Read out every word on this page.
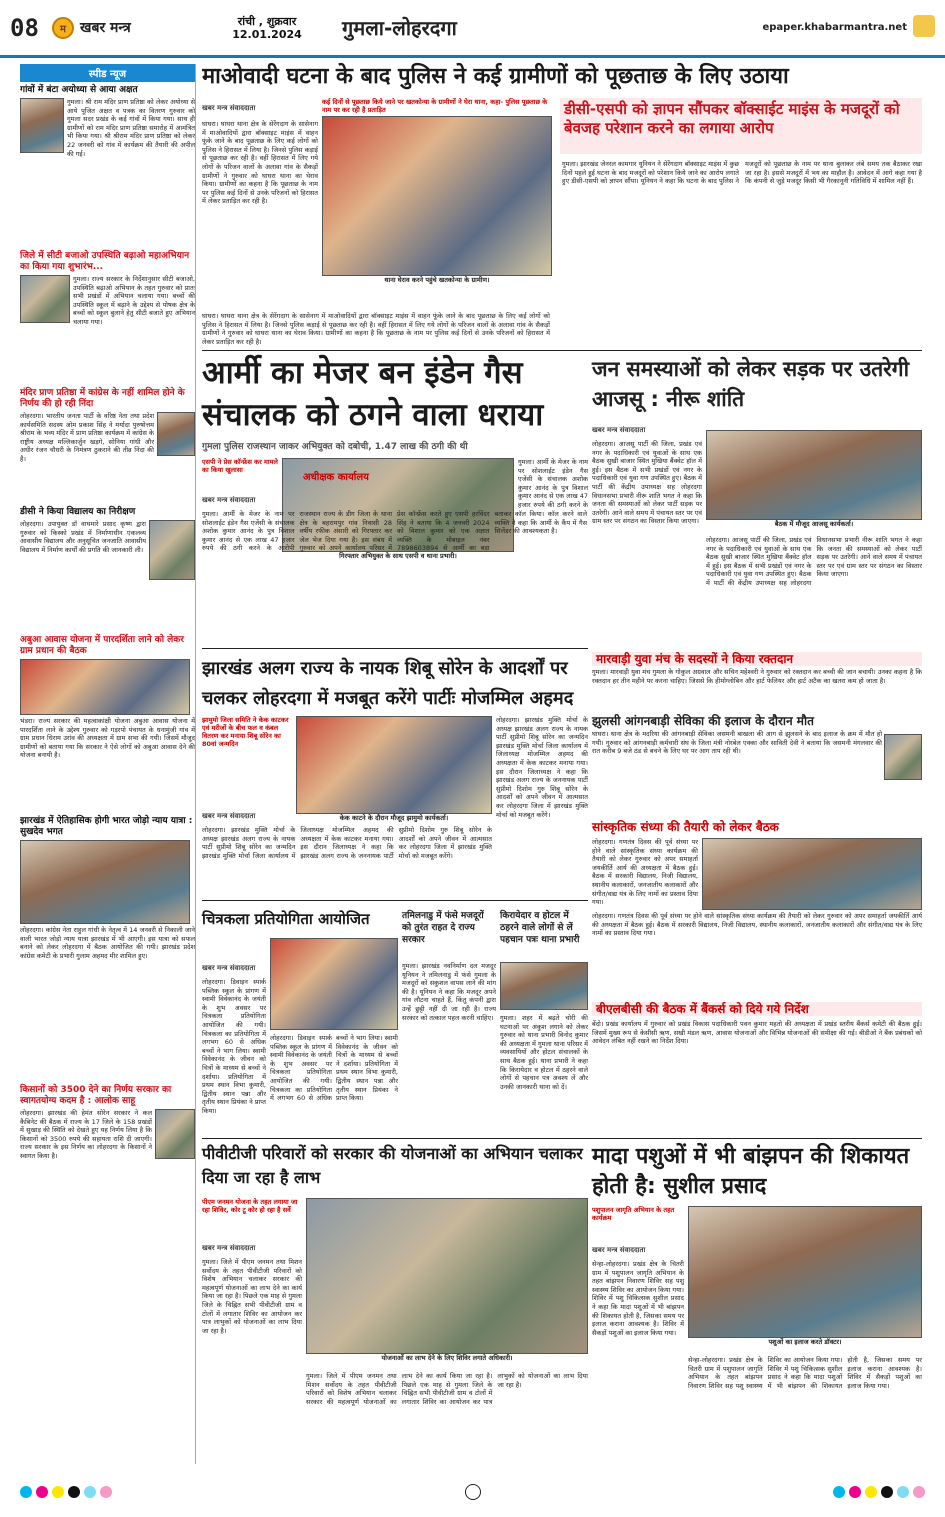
08	म	खबर मन्त्र	रांची , शुक्रवार
12.01.2024	गुमला-लोहरदगा	epaper.khabarmantra.net
स्पीड न्यूज
गांवों में बंटा अयोध्या से आया अक्षत
गुमला। श्री राम मंदिर प्राण प्रतिष्ठा को लेकर अयोध्या से आये पूजित अक्षत व पत्रक का वितरण गुरुवार को गुमला सदर प्रखंड के कई गांवों में किया गया। साथ ही ग्रामीणों को राम मंदिर प्राण प्रतिष्ठा समारोह में आमंत्रित भी किया गया। श्री श्रीराम मंदिर प्राण प्रतिष्ठा को लेकर 22 जनवरी को गांव में कार्यक्रम की तैयारी की अपील की गई।
जिले में सीटी बजाओ उपस्थिति बढ़ाओ महाअभियान का किया गया शुभारंभ...
गुमला। राज्य सरकार के निर्देशानुसार सीटी बजाओ, उपस्थिति बढ़ाओ अभियान के तहत गुरुवार को प्रातः सभी प्रखंडों में अभियान चलाया गया। बच्चों की उपस्थिति स्कूल में बढ़ाने के उद्देश्य से पोषक क्षेत्र के बच्चों को स्कूल बुलाने हेतु सीटी बजाते हुए अभियान चलाया गया।
मंदिर प्राण प्रतिष्ठा में कांग्रेस के नहीं शामिल होने के निर्णय की हो रही निंदा
लोहरदगा। भारतीय जनता पार्टी के वरिष्ठ नेता तथा प्रदेश कार्यसमिति सदस्य ओम प्रकाश सिंह ने मर्यादा पुरुषोत्तम श्रीराम के भव्य मंदिर में प्राण प्रतिष्ठा कार्यक्रम में कांग्रेस के राष्ट्रीय अध्यक्ष मल्लिकार्जुन खड़गे, सोनिया गांधी और अधीर रंजन चौधरी के निमंत्रण ठुकराने की तीव्र निंदा की है।
डीसी ने किया विद्यालय का निरीक्षण
लोहरदगा। उपायुक्त डॉ वाघमारे प्रसाद कृष्ण द्वारा गुरुवार को किस्को प्रखंड में निर्माणाधीन एकलव्य आवासीय विद्यालय और अनुसूचित जनजाति आवासीय विद्यालय में निर्माण कार्यों की प्रगति की जानकारी ली।
अबुआ आवास योजना में पारदर्शिता लाने को लेकर ग्राम प्रधान की बैठक
भंडरा। राज्य सरकार की महत्वाकांक्षी योजना अबुआ आवास योजना में पारदर्शिता लाने के उद्देश्य गुरुवार को गड़रपो पंचायत के धनामुंजी गांव में ग्राम प्रधान धिराम उरांव की अध्यक्षता में ग्राम सभा की गयी। जिसमें मौजूद ग्रामीणों को बताया गया कि सरकार ने ऐसे लोगों को अबुआ आवास देने की योजना बनायी है।
झारखंड में ऐतिहासिक होगी भारत जोड़ो न्याय यात्रा : सुखदेव भगत
लोहरदगा। कांग्रेस नेता राहुल गांधी के नेतृत्व में 14 जनवरी से निकाली जाने वाली भारत जोड़ो न्याय यात्रा झारखंड में भी आएगी। इस यात्रा को सफल बनाने को लेकर लोहरदगा में बैठक आयोजित की गयी। झारखंड प्रदेश कांग्रेस कमेटी के प्रभारी गुलाम अहमद मीर शामिल हुए।
किसानों को 3500 देने का निर्णय सरकार का स्वागतयोग्य कदम है : आलोक साहू
लोहरदगा। झारखंड की हेमंत सोरेन सरकार ने कल कैबिनेट की बैठक में राज्य के 17 जिले के 158 प्रखंडों में सुखाड़ की स्थिति को देखते हुए यह निर्णय लिया है कि किसानों को 3500 रुपये की सहायता राशि दी जाएगी। राज्य सरकार के इस निर्णय का लोहरदगा के किसानों ने स्वागत किया है।
माओवादी घटना के बाद पुलिस ने कई ग्रामीणों को पूछताछ के लिए उठाया
खबर मन्त्र संवाददाता
घाघरा। घाघरा थाना क्षेत्र के सेरेंगदाग के सासेनाग में माओवादियों द्वारा बॉक्साइट माइंस में वाहन फूंके जाने के बाद पूछताछ के लिए कई लोगों को पुलिस ने हिरासत में लिया है। जिनसे पुलिस कड़ाई से पूछताछ कर रही है। वहीं हिरासत में लिए गये लोगों के परिजन वालों के अलावा गांव के सैकड़ों ग्रामीणों ने गुरुवार को घाघरा थाना का घेराव किया। ग्रामीणों का कहना है कि पूछताछ के नाम पर पुलिस कई दिनों से उनके परिजनों को हिरासत में लेकर प्रताड़ित कर रही है।
कई दिनों से पूछताछ किये जाने पर खतकोन्या के ग्रामीणों ने घेरा थाना, कहा- पुलिस पूछताछ के नाम पर कर रही है प्रताड़ित
थाना घेराव करने पहुंचे खतकोन्या के ग्रामीण।
घाघरा। घाघरा थाना क्षेत्र के सेरेंगदाग के सासेनाग में माओवादियों द्वारा बॉक्साइट माइंस में वाहन फूंके जाने के बाद पूछताछ के लिए कई लोगों को पुलिस ने हिरासत में लिया है। जिनसे पुलिस कड़ाई से पूछताछ कर रही है। वहीं हिरासत में लिए गये लोगों के परिजन वालों के अलावा गांव के सैकड़ों ग्रामीणों ने गुरुवार को घाघरा थाना का घेराव किया। ग्रामीणों का कहना है कि पूछताछ के नाम पर पुलिस कई दिनों से उनके परिजनों को हिरासत में लेकर प्रताड़ित कर रही है।
डीसी-एसपी को ज्ञापन सौंपकर बॉक्साईट माइंस के मजदूरों को बेवजह परेशान करने का लगाया आरोप
गुमला। झारखंड जेनरल कामगार यूनियन ने सेरेंगदाग बॉक्साइट माइंस में कुछ दिनों पहले हुई घटना के बाद मजदूरों को परेशान किये जाने का आरोप लगाते हुए डीसी-एसपी को ज्ञापन सौंपा। यूनियन ने कहा कि घटना के बाद पुलिस ने मजदूरों को पूछताछ के नाम पर थाना बुलाकर लंबे समय तक बैठाकर रखा जा रहा है। इससे मजदूरों में भय का माहौल है। आवेदन में आगे कहा गया है कि कंपनी से जुड़े मजदूर किसी भी गैरकानूनी गतिविधि में शामिल नहीं हैं।
आर्मी का मेजर बन इंडेन गैस संचालक को ठगने वाला धराया
गुमला पुलिस राजस्थान जाकर अभियुक्त को दबोची, 1.47 लाख की ठगी की थी
एसपी ने प्रेस कॉन्फ्रेंस कर मामले का किया खुलासा
खबर मन्त्र संवाददाता
अधीक्षक कार्यालय
गिरफ्तार अभियुक्त के साथ एसपी व थाना प्रभारी।
गुमला। आर्मी के मेजर के नाम पर सोशलाईट इंडेन गैस एजेंसी के संचालक अशोक कुमार आनंद के पुत्र विशाल कुमार आनंद से एक लाख 47 हजार रुपये की ठगी करने के आरोपी राजस्थान राज्य के डीग जिला के थाना क्षेत्र के बहरामपुर गांव निवासी 28 वर्षीय रफीक अंसारी को गिरफ्तार कर जेल भेज दिया गया है। इस संबंध में गुरुवार को अपने कार्यालय परिसर में प्रेस कॉन्फ्रेंस करते हुए एसपी हरविंदर सिंह ने बताया कि 4 जनवरी 2024 को विशाल कुमार को एक अज्ञात व्यक्ति के मोबाइल नंबर 7898603894 से आर्मी का बड़ा बताकर कॉल किया। कॉल करने वाले व्यक्ति ने कहा कि आर्मी के कैंप में गैस सिलेंडर की आवश्यकता है।
गुमला। आर्मी के मेजर के नाम पर सोशलाईट इंडेन गैस एजेंसी के संचालक अशोक कुमार आनंद के पुत्र विशाल कुमार आनंद से एक लाख 47 हजार रुपये की ठगी करने के
जन समस्याओं को लेकर सड़क पर उतरेगी आजसू : नीरू शांति
खबर मन्त्र संवाददाता
लोहरदगा। आजसू पार्टी की जिला, प्रखंड एवं नगर के पदाधिकारी एवं युवाओं के साथ एक बैठक सुखी बाजार स्थित मुखिया बैंक्वेट हॉल में हुई। इस बैठक में सभी प्रखंडों एवं नगर के पदाधिकारी एवं युवा गण उपस्थित हुए। बैठक में पार्टी की केंद्रीय उपाध्यक्ष सह लोहरदगा विधानसभा प्रभारी नीरू शांति भगत ने कहा कि जनता की समस्याओं को लेकर पार्टी सड़क पर उतरेगी। आने वाले समय में पंचायत स्तर पर एवं ग्राम स्तर पर संगठन का विस्तार किया जाएगा।	बैठक में मौजूद आजसू कार्यकर्ता।
लोहरदगा। आजसू पार्टी की जिला, प्रखंड एवं नगर के पदाधिकारी एवं युवाओं के साथ एक बैठक सुखी बाजार स्थित मुखिया बैंक्वेट हॉल में हुई। इस बैठक में सभी प्रखंडों एवं नगर के पदाधिकारी एवं युवा गण उपस्थित हुए। बैठक में पार्टी की केंद्रीय उपाध्यक्ष सह लोहरदगा विधानसभा प्रभारी नीरू शांति भगत ने कहा कि जनता की समस्याओं को लेकर पार्टी सड़क पर उतरेगी। आने वाले समय में पंचायत स्तर पर एवं ग्राम स्तर पर संगठन का विस्तार किया जाएगा।
मारवाड़ी युवा मंच के सदस्यों ने किया रक्तदान
गुमला। मारवाड़ी युवा मंच गुमला के गोकुल अग्रवाल और सचिन महेश्वरी ने गुरुवार को रक्तदान कर बच्ची की जान बचायी। उनका कहना है कि रक्तदान हर तीन महीने पर करना चाहिए। जिससे कि हीमोग्लोबिन और हार्ट फेलियर और हार्ट अटैक का खतरा कम हो जाता है।
झुलसी आंगनबाड़ी सेविका की इलाज के दौरान मौत
घाघरा। थाना क्षेत्र के मदरिया की आंगनबाड़ी सेविका जसमनी बाखला की आग से झुलसने के बाद इलाज के क्रम में मौत हो गयी। गुरुवार को आंगनबाड़ी कर्मचारी संघ के जिला मंत्री नोरबेल एक्का और साविती देवी ने बताया कि जसमनी मंगलवार की रात करीब 9 बजे ठंड से बचने के लिए घर पर आग ताप रही थी।
सांस्कृतिक संध्या की तैयारी को लेकर बैठक
लोहरदगा। गणतंत्र दिवस की पूर्व संध्या पर होने वाले सांस्कृतिक संध्या कार्यक्रम की तैयारी को लेकर गुरुवार को अपर समाहर्ता जयकीर्ति आर्य की अध्यक्षता में बैठक हुई। बैठक में सरकारी विद्यालय, निजी विद्यालय, स्थानीय कलाकारों, जनजातीय कलाकारों और संगीत/वाद्य यंत्र के लिए नामों का प्रस्ताव दिया गया।
लोहरदगा। गणतंत्र दिवस की पूर्व संध्या पर होने वाले सांस्कृतिक संध्या कार्यक्रम की तैयारी को लेकर गुरुवार को अपर समाहर्ता जयकीर्ति आर्य की अध्यक्षता में बैठक हुई। बैठक में सरकारी विद्यालय, निजी विद्यालय, स्थानीय कलाकारों, जनजातीय कलाकारों और संगीत/वाद्य यंत्र के लिए नामों का प्रस्ताव दिया गया।
बीएलबीसी की बैठक में बैंकर्स को दिये गये निर्देश
बेंदो। प्रखंड कार्यालय में गुरुवार को प्रखंड विकास पदाधिकारी पवन कुमार महतो की अध्यक्षता में प्रखंड स्तरीय बैंकर्स कमेटी की बैठक हुई। जिसमें मुख्य रूप से केसीसी ऋण, सखी मंडल ऋण, आवास योजनाओं और विभिन्न योजनाओं की समीक्षा की गई। बीडीओ ने बैंक प्रबंधकों को आवेदन लंबित नहीं रखने का निर्देश दिया।
झारखंड अलग राज्य के नायक शिबू सोरेन के आदर्शों पर चलकर लोहरदगा में मजबूत करेंगे पार्टीः मोजम्मिल अहमद
झामुमो जिला समिति ने केक काटकर एवं मरीजों के बीच फल व कंबल वितरण कर मनाया शिबू सोरेन का 80वां जन्मदिन
केक काटने के दौरान मौजूद झामुमो कार्यकर्ता।
खबर मन्त्र संवाददाता
लोहरदगा। झारखंड मुक्ति मोर्चा के अध्यक्ष झारखंड अलग राज्य के नायक पार्टी सुप्रीमो शिबू सोरेन का जन्मदिन झारखंड मुक्ति मोर्चा जिला कार्यालय में जिलाध्यक्ष मोजम्मिल अहमद की अध्यक्षता में केक काटकर मनाया गया। इस दौरान जिलाध्यक्ष ने कहा कि झारखंड अलग राज्य के जननायक पार्टी सुप्रीमो दिशोम गुरु शिबू सोरेन के आदर्शों को अपने जीवन में आत्मसात कर लोहरदगा जिला में झारखंड मुक्ति मोर्चा को मजबूत करेंगे।
लोहरदगा। झारखंड मुक्ति मोर्चा के अध्यक्ष झारखंड अलग राज्य के नायक पार्टी सुप्रीमो शिबू सोरेन का जन्मदिन झारखंड मुक्ति मोर्चा जिला कार्यालय में जिलाध्यक्ष मोजम्मिल अहमद की अध्यक्षता में केक काटकर मनाया गया। इस दौरान जिलाध्यक्ष ने कहा कि झारखंड अलग राज्य के जननायक पार्टी सुप्रीमो दिशोम गुरु शिबू सोरेन के आदर्शों को अपने जीवन में आत्मसात कर लोहरदगा जिला में झारखंड मुक्ति मोर्चा को मजबूत करेंगे।
चित्रकला प्रतियोगिता आयोजित
खबर मन्त्र संवाददाता
लोहरदगा। डिवाइन स्पार्क पब्लिक स्कूल के प्रांगण में स्वामी विवेकानंद के जयंती के शुभ अवसर पर चित्रकला प्रतियोगिता आयोजित की गयी। चित्रकला का प्रतियोगिता में लगभग 60 से अधिक बच्चों ने भाग लिया। स्वामी विवेकानंद के जीवन को चित्रों के माध्यम से बच्चों ने दर्शाया। प्रतियोगिता में प्रथम स्थान विभा कुमारी, द्वितीय स्थान पन्ना और तृतीय स्थान प्रियंका ने प्राप्त किया।
लोहरदगा। डिवाइन स्पार्क पब्लिक स्कूल के प्रांगण में स्वामी विवेकानंद के जयंती के शुभ अवसर पर चित्रकला प्रतियोगिता आयोजित की गयी। चित्रकला का प्रतियोगिता में लगभग 60 से अधिक बच्चों ने भाग लिया। स्वामी विवेकानंद के जीवन को चित्रों के माध्यम से बच्चों ने दर्शाया। प्रतियोगिता में प्रथम स्थान विभा कुमारी, द्वितीय स्थान पन्ना और तृतीय स्थान प्रियंका ने प्राप्त किया।
तमिलनाडु में फंसे मजदूरों को तुरंत राहत दे राज्य सरकार
गुमला। झारखंड नवनिर्माण दल मजदूर यूनियन ने तमिलनाडु में फंसे गुमला के मजदूरों को सकुशल वापस लाने की मांग की है। यूनियन ने कहा कि मजदूर अपने गांव लौटना चाहते हैं, किंतु कंपनी द्वारा उन्हें छुट्टी नहीं दी जा रही है। राज्य सरकार को तत्काल पहल करनी चाहिए।
किरायेदार व होटल में ठहरने वाले लोगों से लें पहचान पत्रः थाना प्रभारी
गुमला। शहर में बढ़ते चोरी की घटनाओं पर अंकुश लगाने को लेकर गुरुवार को थाना प्रभारी विनोद कुमार की अध्यक्षता में गुमला थाना परिसर में व्यवसायियों और होटल संचालकों के साथ बैठक हुई। थाना प्रभारी ने कहा कि किरायेदार व होटल में ठहरने वाले लोगों से पहचान पत्र अवश्य लें और उनकी जानकारी थाना को दें।
पीवीटीजी परिवारों को सरकार की योजनाओं का अभियान चलाकर दिया जा रहा है लाभ
पीएम जनमन योजना के तहत लगाया जा रहा शिविर, कोर टू कोर हो रहा है सर्वे
खबर मन्त्र संवाददाता
गुमला। जिले में पीएम जनमन तथा मिशन सर्वोदय के तहत पीवीटीजी परिवारों को विशेष अभियान चलाकर सरकार की महत्वपूर्ण योजनाओं का लाभ देने का कार्य किया जा रहा है। पिछले एक माह से गुमला जिले के चिह्नित सभी पीवीटीजी ग्राम व टोलों में लगातार शिविर का आयोजन कर पात्र लाभुकों को योजनाओं का लाभ दिया जा रहा है।
योजनाओं का लाभ देने के लिए शिविर लगाते अधिकारी।
गुमला। जिले में पीएम जनमन तथा मिशन सर्वोदय के तहत पीवीटीजी परिवारों को विशेष अभियान चलाकर सरकार की महत्वपूर्ण योजनाओं का लाभ देने का कार्य किया जा रहा है। पिछले एक माह से गुमला जिले के चिह्नित सभी पीवीटीजी ग्राम व टोलों में लगातार शिविर का आयोजन कर पात्र लाभुकों को योजनाओं का लाभ दिया जा रहा है।
मादा पशुओं में भी बांझपन की शिकायत होती है: सुशील प्रसाद
पशुपालन जागृति अभियान के तहत कार्यक्रम
खबर मन्त्र संवाददाता
सेन्हा-लोहरदगा। प्रखंड क्षेत्र के चितरी ग्राम में पशुपालन जागृति अभियान के तहत बांझपन निवारण शिविर सह पशु स्वास्थ्य शिविर का आयोजन किया गया। शिविर में पशु चिकित्सक सुशील प्रसाद ने कहा कि मादा पशुओं में भी बांझपन की शिकायत होती है, जिसका समय पर इलाज कराना आवश्यक है। शिविर में सैकड़ों पशुओं का इलाज किया गया।
पशुओं का इलाज करते डॉक्टर।
सेन्हा-लोहरदगा। प्रखंड क्षेत्र के चितरी ग्राम में पशुपालन जागृति अभियान के तहत बांझपन निवारण शिविर सह पशु स्वास्थ्य शिविर का आयोजन किया गया। शिविर में पशु चिकित्सक सुशील प्रसाद ने कहा कि मादा पशुओं में भी बांझपन की शिकायत होती है, जिसका समय पर इलाज कराना आवश्यक है। शिविर में सैकड़ों पशुओं का इलाज किया गया।
